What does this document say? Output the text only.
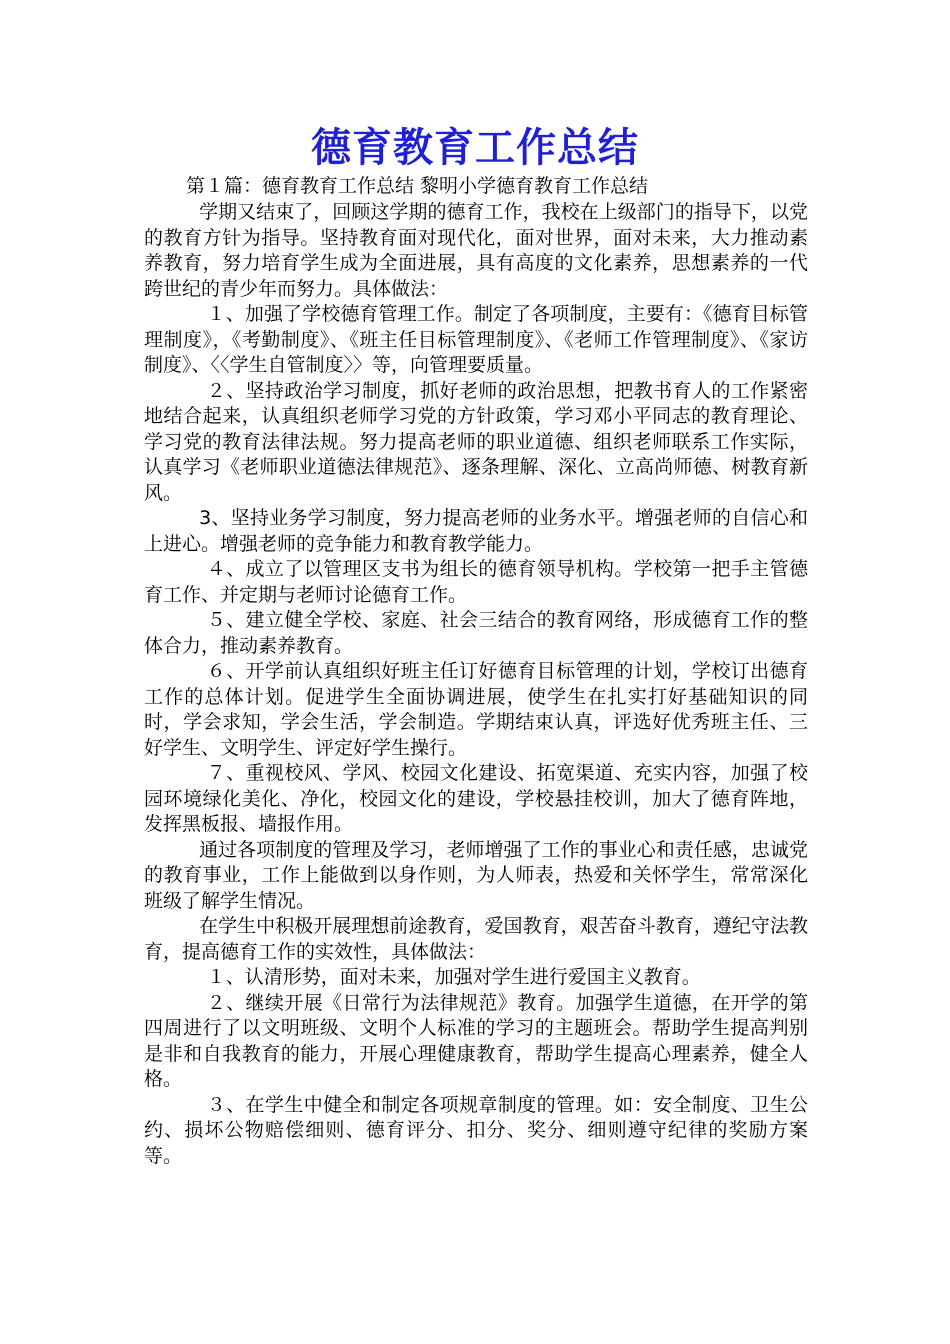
德育教育工作总结
第１篇：德育教育工作总结 黎明小学德育教育工作总结

学期又结束了，回顾这学期的德育工作，我校在上级部门的指导下，以党的教育方针为指导。坚持教育面对现代化，面对世界，面对未来，大力推动素养教育，努力培育学生成为全面进展，具有高度的文化素养，思想素养的一代跨世纪的青少年而努力。具体做法：

１、加强了学校德育管理工作。制定了各项制度，主要有：《德育目标管理制度》，《考勤制度》、《班主任目标管理制度》、《老师工作管理制度》、《家访制度》、〈〈学生自管制度〉〉等，向管理要质量。

２、坚持政治学习制度，抓好老师的政治思想，把教书育人的工作紧密地结合起来，认真组织老师学习党的方针政策，学习邓小平同志的教育理论、学习党的教育法律法规。努力提高老师的职业道德、组织老师联系工作实际，认真学习《老师职业道德法律规范》、逐条理解、深化、立高尚师德、树教育新风。

3、坚持业务学习制度，努力提高老师的业务水平。增强老师的自信心和上进心。增强老师的竞争能力和教育教学能力。

４、成立了以管理区支书为组长的德育领导机构。学校第一把手主管德育工作、并定期与老师讨论德育工作。

５、建立健全学校、家庭、社会三结合的教育网络，形成德育工作的整体合力，推动素养教育。

６、开学前认真组织好班主任订好德育目标管理的计划，学校订出德育工作的总体计划。促进学生全面协调进展，使学生在扎实打好基础知识的同时，学会求知，学会生活，学会制造。学期结束认真，评选好优秀班主任、三好学生、文明学生、评定好学生操行。

７、重视校风、学风、校园文化建设、拓宽渠道、充实内容，加强了校园环境绿化美化、净化，校园文化的建设，学校悬挂校训，加大了德育阵地，发挥黑板报、墙报作用。

通过各项制度的管理及学习，老师增强了工作的事业心和责任感，忠诚党的教育事业，工作上能做到以身作则，为人师表，热爱和关怀学生，常常深化班级了解学生情况。

在学生中积极开展理想前途教育，爱国教育，艰苦奋斗教育，遵纪守法教育，提高德育工作的实效性，具体做法：

１、认清形势，面对未来，加强对学生进行爱国主义教育。

２、继续开展《日常行为法律规范》教育。加强学生道德，在开学的第四周进行了以文明班级、文明个人标准的学习的主题班会。帮助学生提高判别是非和自我教育的能力，开展心理健康教育，帮助学生提高心理素养，健全人格。

３、在学生中健全和制定各项规章制度的管理。如：安全制度、卫生公约、损坏公物赔偿细则、德育评分、扣分、奖分、细则遵守纪律的奖励方案等。
